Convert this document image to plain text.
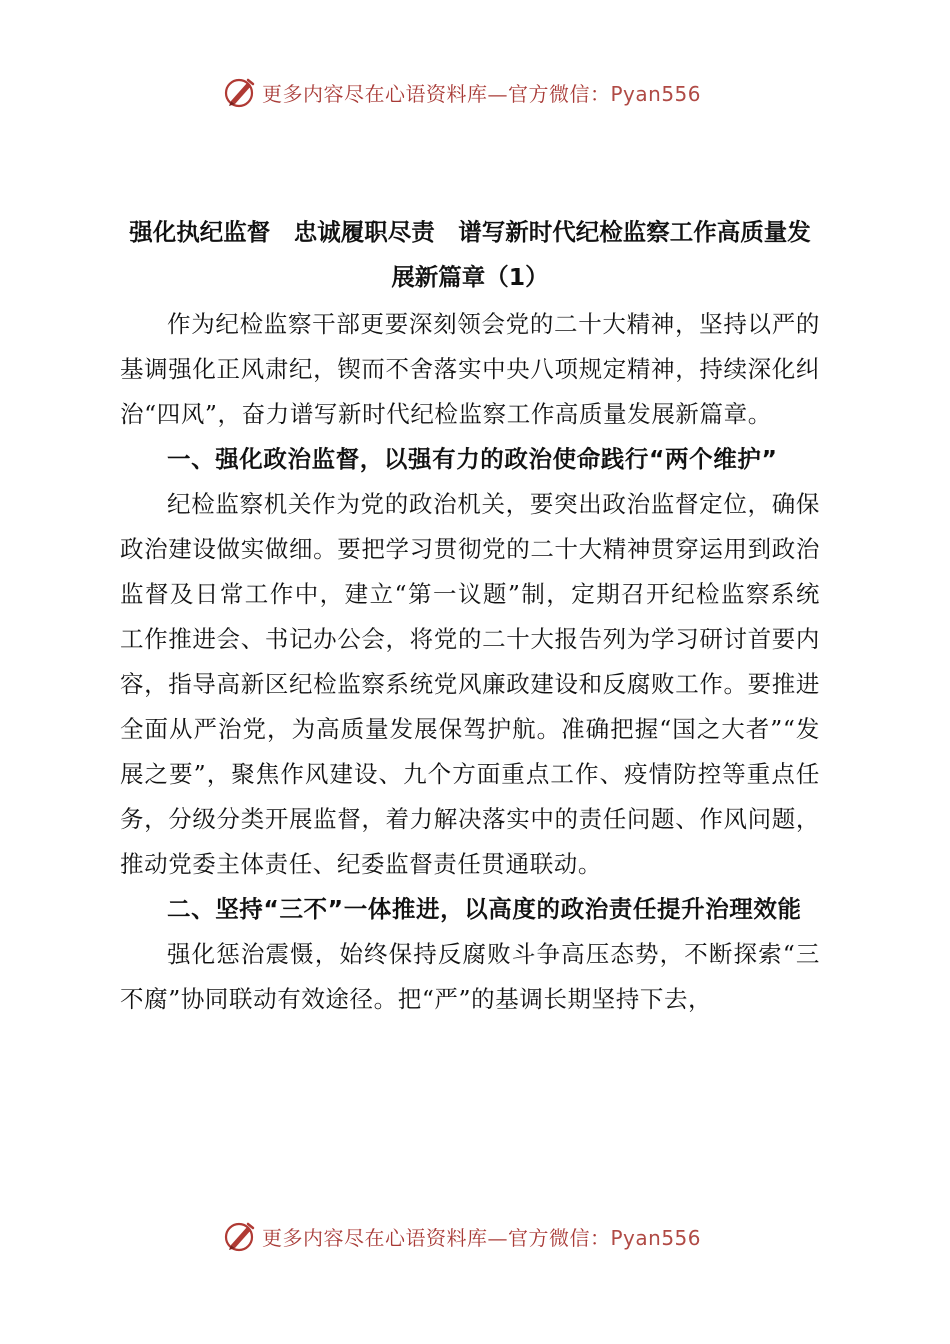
更多内容尽在心语资料库—官方微信：Pyan556

强化执纪监督　忠诚履职尽责　谱写新时代纪检监察工作高质量发展新篇章（1）

作为纪检监察干部更要深刻领会党的二十大精神，坚持以严的基调强化正风肃纪，锲而不舍落实中央八项规定精神，持续深化纠治“四风”，奋力谱写新时代纪检监察工作高质量发展新篇章。

一、强化政治监督，以强有力的政治使命践行“两个维护”

纪检监察机关作为党的政治机关，要突出政治监督定位，确保政治建设做实做细。要把学习贯彻党的二十大精神贯穿运用到政治监督及日常工作中，建立“第一议题”制，定期召开纪检监察系统工作推进会、书记办公会，将党的二十大报告列为学习研讨首要内容，指导高新区纪检监察系统党风廉政建设和反腐败工作。要推进全面从严治党，为高质量发展保驾护航。准确把握“国之大者”“发展之要”，聚焦作风建设、九个方面重点工作、疫情防控等重点任务，分级分类开展监督，着力解决落实中的责任问题、作风问题，推动党委主体责任、纪委监督责任贯通联动。

二、坚持“三不”一体推进，以高度的政治责任提升治理效能

强化惩治震慑，始终保持反腐败斗争高压态势，不断探索“三不腐”协同联动有效途径。把“严”的基调长期坚持下去，

更多内容尽在心语资料库—官方微信：Pyan556
